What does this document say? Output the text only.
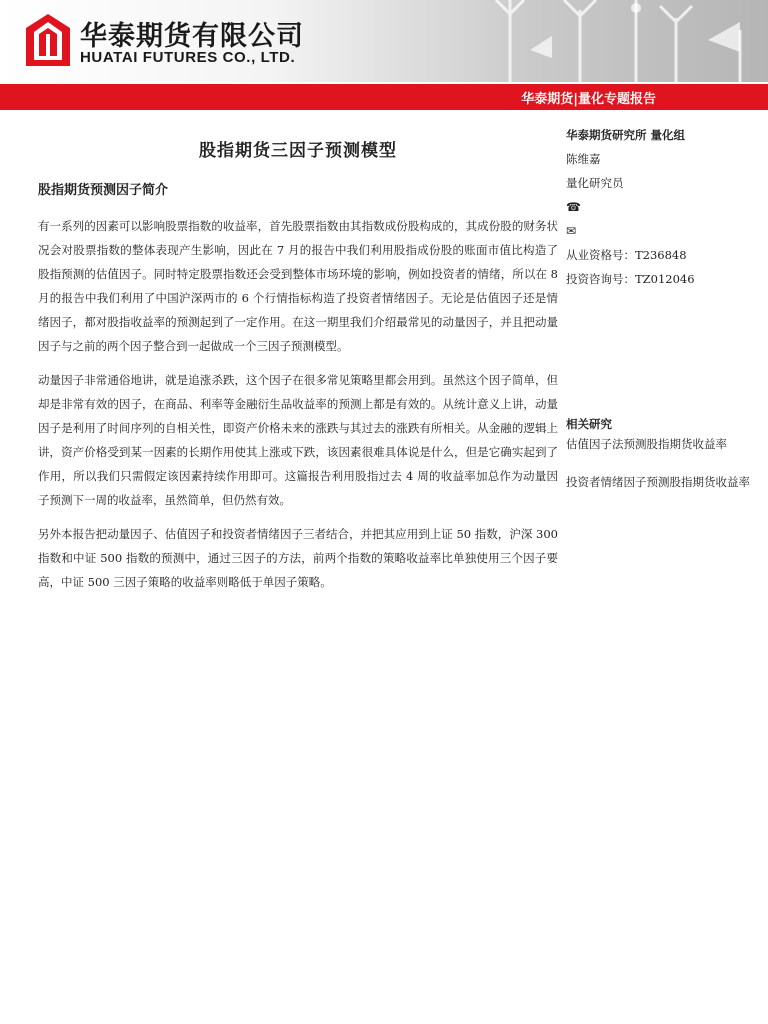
华泰期货有限公司
HUATAI FUTURES CO., LTD.
华泰期货|量化专题报告
股指期货三因子预测模型
股指期货预测因子简介

有一系列的因素可以影响股票指数的收益率，首先股票指数由其指数成份股构成的，其成份股的财务状况会对股票指数的整体表现产生影响，因此在 7 月的报告中我们利用股指成份股的账面市值比构造了股指预测的估值因子。同时特定股票指数还会受到整体市场环境的影响，例如投资者的情绪，所以在 8 月的报告中我们利用了中国沪深两市的 6 个行情指标构造了投资者情绪因子。无论是估值因子还是情绪因子，都对股指收益率的预测起到了一定作用。在这一期里我们介绍最常见的动量因子，并且把动量因子与之前的两个因子整合到一起做成一个三因子预测模型。

动量因子非常通俗地讲，就是追涨杀跌，这个因子在很多常见策略里都会用到。虽然这个因子简单，但却是非常有效的因子，在商品、利率等金融衍生品收益率的预测上都是有效的。从统计意义上讲，动量因子是利用了时间序列的自相关性，即资产价格未来的涨跌与其过去的涨跌有所相关。从金融的逻辑上讲，资产价格受到某一因素的长期作用使其上涨或下跌，该因素很难具体说是什么，但是它确实起到了作用，所以我们只需假定该因素持续作用即可。这篇报告利用股指过去 4 周的收益率加总作为动量因子预测下一周的收益率，虽然简单，但仍然有效。

另外本报告把动量因子、估值因子和投资者情绪因子三者结合，并把其应用到上证 50 指数，沪深 300 指数和中证 500 指数的预测中，通过三因子的方法，前两个指数的策略收益率比单独使用三个因子要高，中证 500 三因子策略的收益率则略低于单因子策略。

华泰期货研究所 量化组
陈维嘉
量化研究员
☎
✉
从业资格号：T236848
投资咨询号：TZ012046
相关研究
估值因子法预测股指期货收益率
投资者情绪因子预测股指期货收益率
